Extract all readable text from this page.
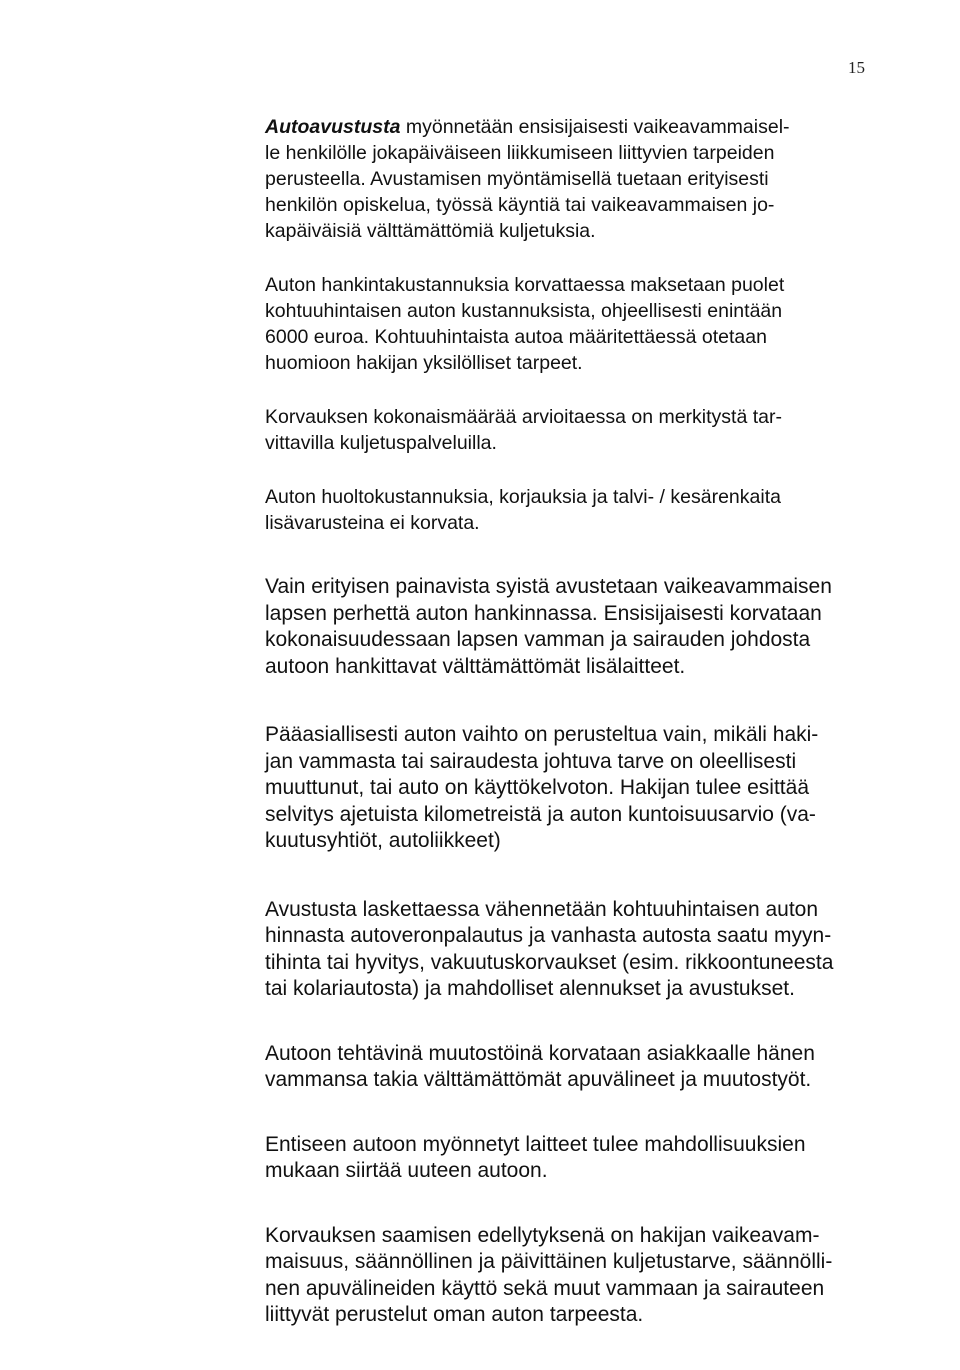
15

Autoavustusta myönnetään ensisijaisesti vaikeavammaisel-
le henkilölle jokapäiväiseen liikkumiseen liittyvien tarpeiden
perusteella. Avustamisen myöntämisellä tuetaan erityisesti
henkilön opiskelua, työssä käyntiä tai vaikeavammaisen jo-
kapäiväisiä välttämättömiä kuljetuksia.

Auton hankintakustannuksia korvattaessa maksetaan puolet
kohtuuhintaisen auton kustannuksista, ohjeellisesti enintään
6000 euroa. Kohtuuhintaista autoa määritettäessä otetaan
huomioon hakijan yksilölliset tarpeet.

Korvauksen kokonaismäärää arvioitaessa on merkitystä tar-
vittavilla kuljetuspalveluilla.

Auton huoltokustannuksia, korjauksia ja talvi- / kesärenkaita
lisävarusteina ei korvata.

Vain erityisen painavista syistä avustetaan vaikeavammaisen
lapsen perhettä auton hankinnassa. Ensisijaisesti korvataan
kokonaisuudessaan lapsen vamman ja sairauden johdosta
autoon hankittavat välttämättömät lisälaitteet.

Pääasiallisesti auton vaihto on perusteltua vain, mikäli haki-
jan vammasta tai sairaudesta johtuva tarve on oleellisesti
muuttunut, tai auto on käyttökelvoton. Hakijan tulee esittää
selvitys ajetuista kilometreistä ja auton kuntoisuusarvio (va-
kuutusyhtiöt, autoliikkeet)

Avustusta laskettaessa vähennetään kohtuuhintaisen auton
hinnasta autoveronpalautus ja vanhasta autosta saatu myyn-
tihinta tai hyvitys, vakuutuskorvaukset (esim. rikkoontuneesta
tai kolariautosta) ja mahdolliset alennukset ja avustukset.

Autoon tehtävinä muutostöinä korvataan asiakkaalle hänen
vammansa takia välttämättömät apuvälineet ja muutostyöt.

Entiseen autoon myönnetyt laitteet tulee mahdollisuuksien
mukaan siirtää uuteen autoon.

Korvauksen saamisen edellytyksenä on hakijan vaikeavam-
maisuus, säännöllinen ja päivittäinen kuljetustarve, säännölli-
nen apuvälineiden käyttö sekä muut vammaan ja sairauteen
liittyvät perustelut oman auton tarpeesta.
